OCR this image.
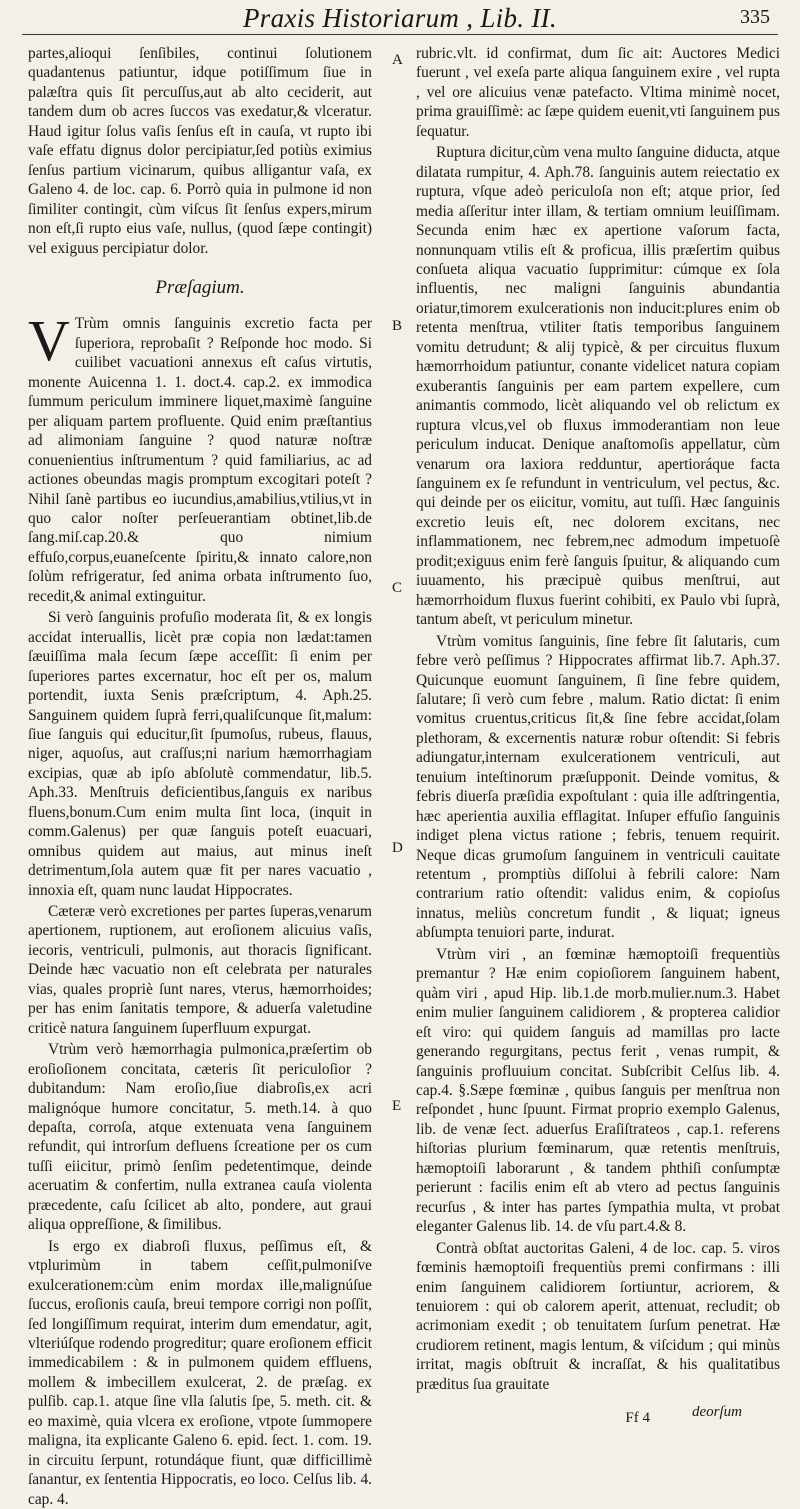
Praxis Historiarum , Lib. II.	335

partes,alioqui ſenſibiles, continui ſolutionem quadantenus patiuntur, idque potiſſimum ſiue in palæſtra quis ſit percuſſus,aut ab alto ceciderit, aut tandem dum ob acres ſuccos vas exedatur,& vlceratur. Haud igitur ſolus vaſis ſenſus eſt in cauſa, vt rupto ibi vaſe effatu dignus dolor percipiatur,ſed potiùs eximius ſenſus partium vicinarum, quibus alligantur vaſa, ex Galeno 4. de loc. cap. 6. Porrò quia in pulmone id non ſimiliter contingit, cùm viſcus ſit ſenſus expers,mirum non eſt,ſi rupto eius vaſe, nullus, (quod ſæpe contingit) vel exiguus percipiatur dolor.

Præſagium.

V Trùm omnis ſanguinis excretio facta per ſuperiora, reprobaſit ? Reſponde hoc modo. Si cuilibet vacuationi annexus eſt caſus virtutis, monente Auicenna 1. 1. doct.4. cap.2. ex immodica ſummum periculum imminere liquet,maximè ſanguine per aliquam partem profluente. Quid enim præſtantius ad alimoniam ſanguine ? quod naturæ noſtræ conuenientius inſtrumentum ? quid familiarius, ac ad actiones obeundas magis promptum excogitari poteſt ? Nihil ſanè partibus eo iucundius,amabilius,vtilius,vt in quo calor noſter perſeuerantiam obtinet,lib.de ſang.miſ.cap.20.& quo nimium effuſo,corpus,euaneſcente ſpiritu,& innato calore,non ſolùm refrigeratur, ſed anima orbata inſtrumento ſuo, recedit,& animal extinguitur.

Si verò ſanguinis profuſio moderata ſit, & ex longis accidat interuallis, licèt præ copia non lædat:tamen ſæuiſſima mala ſecum ſæpe acceſſit: ſi enim per ſuperiores partes excernatur, hoc eſt per os, malum portendit, iuxta Senis præſcriptum, 4. Aph.25. Sanguinem quidem ſuprà ferri,qualiſcunque ſit,malum: ſiue ſanguis qui educitur,ſit ſpumoſus, rubeus, flauus, niger, aquoſus, aut craſſus;ni narium hæmorrhagiam excipias, quæ ab ipſo abſolutè commendatur, lib.5. Aph.33. Menſtruis deficientibus,ſanguis ex naribus fluens,bonum.Cum enim multa ſint loca, (inquit in comm.Galenus) per quæ ſanguis poteſt euacuari, omnibus quidem aut maius, aut minus ineſt detrimentum,ſola autem quæ fit per nares vacuatio , innoxia eſt, quam nunc laudat Hippocrates.

Cæteræ verò excretiones per partes ſuperas,venarum apertionem, ruptionem, aut eroſionem alicuius vaſis, iecoris, ventriculi, pulmonis, aut thoracis ſignificant. Deinde hæc vacuatio non eſt celebrata per naturales vias, quales propriè ſunt nares, vterus, hæmorrhoides; per has enim ſanitatis tempore, & aduerſa valetudine criticè natura ſanguinem ſuperfluum expurgat.

Vtrùm verò hæmorrhagia pulmonica,præſertim ob eroſioſionem concitata, cæteris ſit periculoſior ? dubitandum: Nam eroſio,ſiue diabroſis,ex acri malignóque humore concitatur, 5. meth.14. à quo depaſta, corroſa, atque extenuata vena ſanguinem refundit, qui introrſum defluens ſcreatione per os cum tuſſi eiicitur, primò ſenſim pedetentimque, deinde aceruatim & confertim, nulla extranea cauſa violenta præcedente, caſu ſcilicet ab alto, pondere, aut graui aliqua oppreſſione, & ſimilibus.

Is ergo ex diabroſi fluxus, peſſimus eſt, & vtplurimùm in tabem ceſſit,pulmoniſve exulcerationem:cùm enim mordax ille,malignúſue ſuccus, eroſionis cauſa, breui tempore corrigi non poſſit, ſed longiſſimum requirat, interim dum emendatur, agit, vlteriúſque rodendo progreditur; quare eroſionem efficit immedicabilem : & in pulmonem quidem effluens, mollem & imbecillem exulcerat, 2. de præſag. ex pulſib. cap.1. atque ſine vlla ſalutis ſpe, 5. meth. cit. & eo maximè, quia vlcera ex eroſione, vtpote ſummopere maligna, ita explicante Galeno 6. epid. ſect. 1. com. 19. in circuitu ſerpunt, rotundáque fiunt, quæ difficillimè ſanantur, ex ſententia Hippocratis, eo loco. Celſus lib. 4. cap. 4.

A
B
C
D
E

rubric.vlt. id confirmat, dum ſic ait: Auctores Medici fuerunt , vel exeſa parte aliqua ſanguinem exire , vel rupta , vel ore alicuius venæ patefacto. Vltima minimè nocet, prima grauiſſimè: ac ſæpe quidem euenit,vti ſanguinem pus ſequatur.

Ruptura dicitur,cùm vena multo ſanguine diducta, atque dilatata rumpitur, 4. Aph.78. ſanguinis autem reiectatio ex ruptura, vſque adeò periculoſa non eſt; atque prior, ſed media aſſeritur inter illam, & tertiam omnium leuiſſimam. Secunda enim hæc ex apertione vaſorum facta, nonnunquam vtilis eſt & proficua, illis præſertim quibus conſueta aliqua vacuatio ſupprimitur: cúmque ex ſola influentis, nec maligni ſanguinis abundantia oriatur,timorem exulcerationis non inducit:plures enim ob retenta menſtrua, vtiliter ſtatis temporibus ſanguinem vomitu detrudunt; & alij typicè, & per circuitus fluxum hæmorrhoidum patiuntur, conante videlicet natura copiam exuberantis ſanguinis per eam partem expellere, cum animantis commodo, licèt aliquando vel ob relictum ex ruptura vlcus,vel ob fluxus immoderantiam non leue periculum inducat. Denique anaſtomoſis appellatur, cùm venarum ora laxiora redduntur, apertioráque facta ſanguinem ex ſe refundunt in ventriculum, vel pectus, &c. qui deinde per os eiicitur, vomitu, aut tuſſi. Hæc ſanguinis excretio leuis eſt, nec dolorem excitans, nec inflammationem, nec febrem,nec admodum impetuoſè prodit;exiguus enim ferè ſanguis ſpuitur, & aliquando cum iuuamento, his præcipuè quibus menſtrui, aut hæmorrhoidum fluxus fuerint cohibiti, ex Paulo vbi ſuprà, tantum abeſt, vt periculum minetur.

Vtrùm vomitus ſanguinis, ſine febre ſit ſalutaris, cum febre verò peſſimus ? Hippocrates affirmat lib.7. Aph.37. Quicunque euomunt ſanguinem, ſi ſine febre quidem, ſalutare; ſi verò cum febre , malum. Ratio dictat: ſi enim vomitus cruentus,criticus ſit,& ſine febre accidat,ſolam plethoram, & excernentis naturæ robur oſtendit: Si febris adiungatur,internam exulcerationem ventriculi, aut tenuium inteſtinorum præſupponit. Deinde vomitus, & febris diuerſa præſidia expoſtulant : quia ille adſtringentia, hæc aperientia auxilia efflagitat. Inſuper effuſio ſanguinis indiget plena victus ratione ; febris, tenuem requirit. Neque dicas grumoſum ſanguinem in ventriculi cauitate retentum , promptiùs diſſolui à febrili calore: Nam contrarium ratio oſtendit: validus enim, & copioſus innatus, meliùs concretum fundit , & liquat; igneus abſumpta tenuiori parte, indurat.

Vtrùm viri , an fœminæ hæmoptoiſi frequentiùs premantur ? Hæ enim copioſiorem ſanguinem habent, quàm viri , apud Hip. lib.1.de morb.mulier.num.3. Habet enim mulier ſanguinem calidiorem , & propterea calidior eſt viro: qui quidem ſanguis ad mamillas pro lacte generando regurgitans, pectus ferit , venas rumpit, & ſanguinis profluuium concitat. Subſcribit Celſus lib. 4. cap.4. §.Sæpe fœminæ , quibus ſanguis per menſtrua non reſpondet , hunc ſpuunt. Firmat proprio exemplo Galenus, lib. de venæ ſect. aduerſus Eraſiſtrateos , cap.1. referens hiſtorias plurium fœminarum, quæ retentis menſtruis, hæmoptoiſi laborarunt , & tandem phthiſi conſumptæ perierunt : facilis enim eſt ab vtero ad pectus ſanguinis recurſus , & inter has partes ſympathia multa, vt probat eleganter Galenus lib. 14. de vſu part.4.& 8.

Contrà obſtat auctoritas Galeni, 4 de loc. cap. 5. viros fœminis hæmoptoiſi frequentiùs premi confirmans : illi enim ſanguinem calidiorem ſortiuntur, acriorem, & tenuiorem : qui ob calorem aperit, attenuat, recludit; ob acrimoniam exedit ; ob tenuitatem ſurſum penetrat. Hæ crudiorem retinent, magis lentum, & viſcidum ; qui minùs irritat, magis obſtruit & incraſſat, & his qualitatibus præditus ſua grauitate

Ff 4	deorſum
